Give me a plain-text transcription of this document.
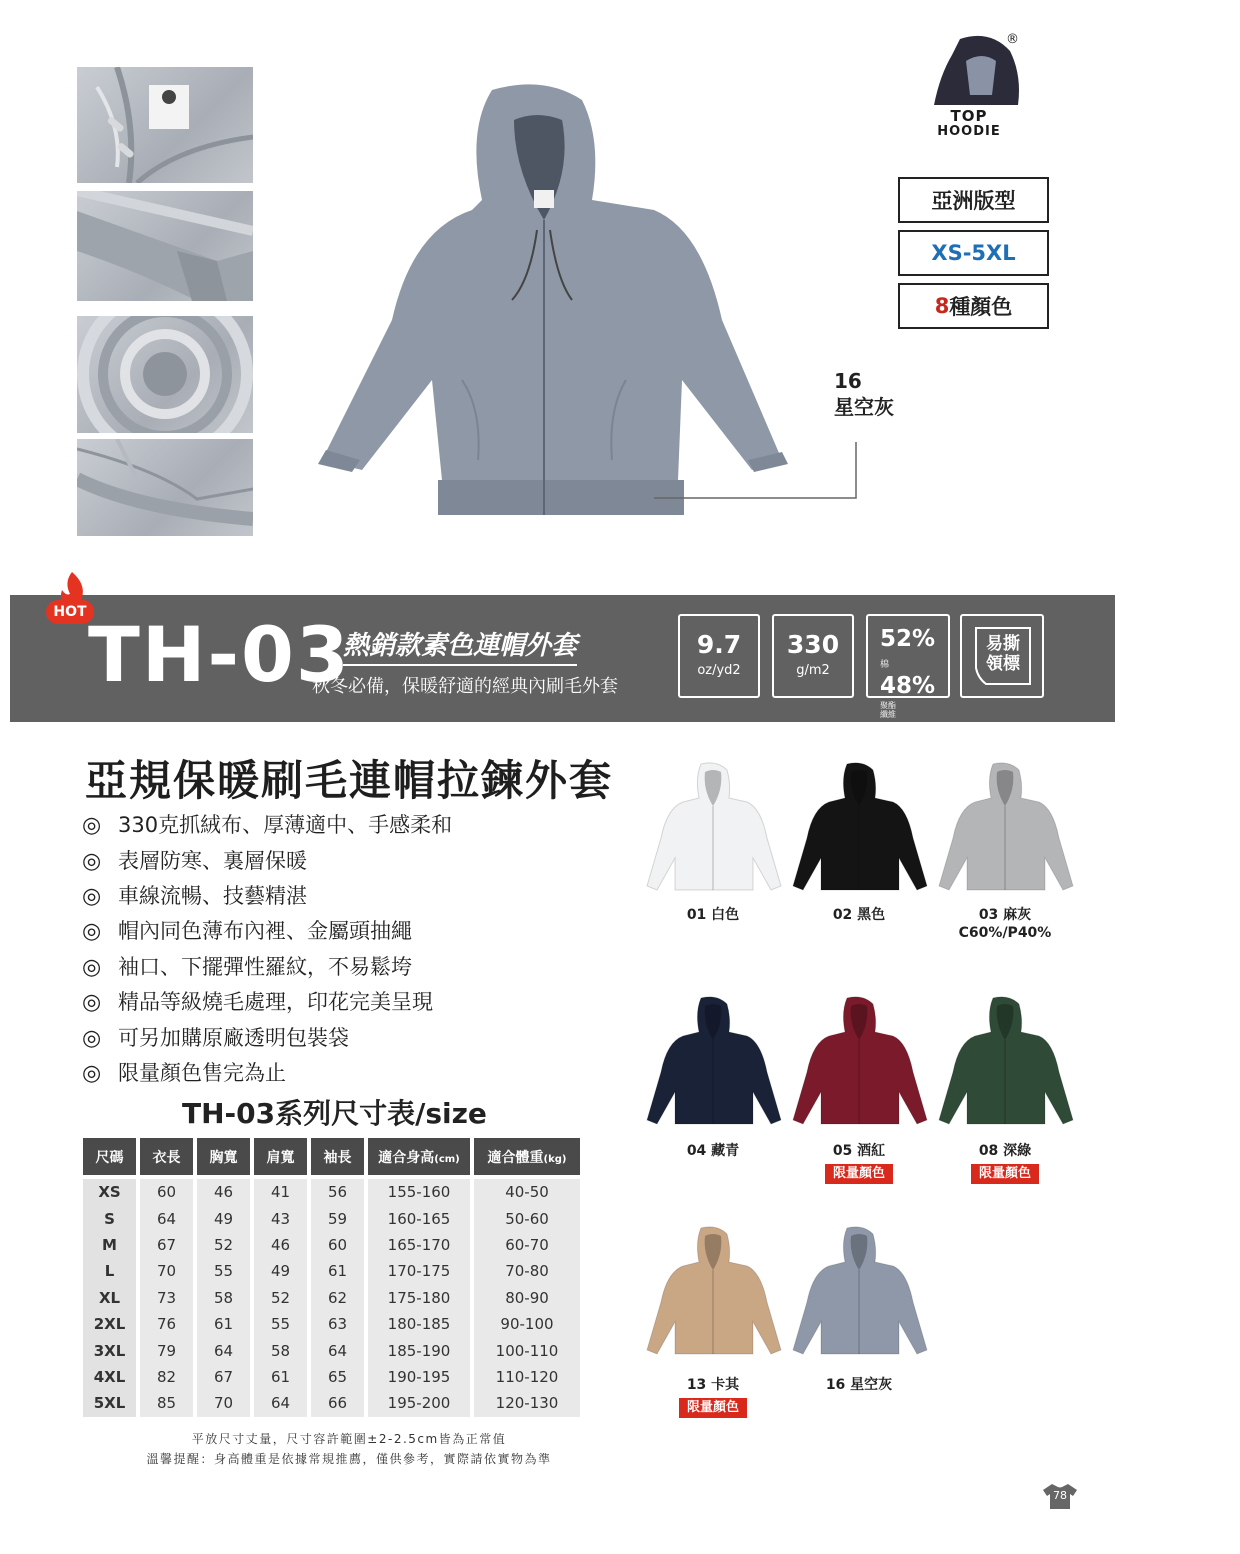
16
星空灰
®
TOP
HOODIE
亞洲版型
XS-5XL
8 種顏色
HOT TH-03
熱銷款素色連帽外套
秋冬必備，保暖舒適的經典內刷毛外套
9.7
oz/yd2
330
g/m2
52% 棉
48% 聚酯纖維
易撕領標
亞規保暖刷毛連帽拉鍊外套
◎ 330克抓絨布、厚薄適中、手感柔和
◎ 表層防寒、裏層保暖
◎ 車線流暢、技藝精湛
◎ 帽內同色薄布內裡、金屬頭抽繩
◎ 袖口、下擺彈性羅紋，不易鬆垮
◎ 精品等級燒毛處理，印花完美呈現
◎ 可另加購原廠透明包裝袋
◎ 限量顏色售完為止
TH-03系列尺寸表/size
尺碼	衣長	胸寬	肩寬	袖長	適合身高(cm)	適合體重(kg)

XS	60	46	41	56	155-160	40-50
S	64	49	43	59	160-165	50-60
M	67	52	46	60	165-170	60-70
L	70	55	49	61	170-175	70-80
XL	73	58	52	62	175-180	80-90
2XL	76	61	55	63	180-185	90-100
3XL	79	64	58	64	185-190	100-110
4XL	82	67	61	65	190-195	110-120
5XL	85	70	64	66	195-200	120-130
平放尺寸丈量，尺寸容許範圍±2-2.5cm皆為正常值
溫馨提醒：身高體重是依據常規推薦，僅供參考，實際請依實物為準
01 白色	02 黑色	03 麻灰
C60%/P40%
04 藏青	05 酒紅
限量顏色
08 深綠
限量顏色
13 卡其
限量顏色
16 星空灰
78
